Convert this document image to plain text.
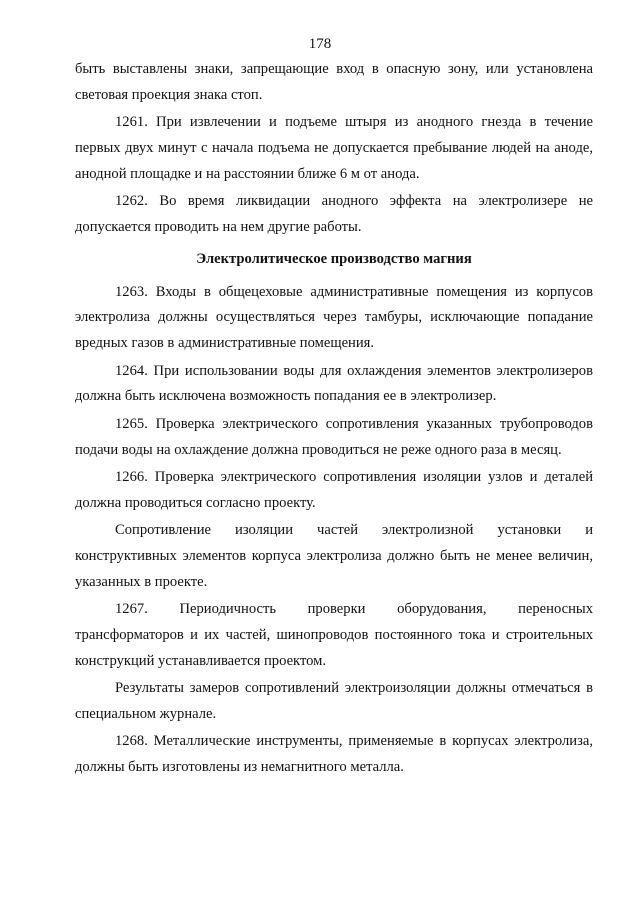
178

быть выставлены знаки, запрещающие вход в опасную зону, или установлена световая проекция знака стоп.

1261. При извлечении и подъеме штыря из анодного гнезда в течение первых двух минут с начала подъема не допускается пребывание людей на аноде, анодной площадке и на расстоянии ближе 6 м от анода.

1262. Во время ликвидации анодного эффекта на электролизере не допускается проводить на нем другие работы.

Электролитическое производство магния

1263. Входы в общецеховые административные помещения из корпусов электролиза должны осуществляться через тамбуры, исключающие попадание вредных газов в административные помещения.

1264. При использовании воды для охлаждения элементов электролизеров должна быть исключена возможность попадания ее в электролизер.

1265. Проверка электрического сопротивления указанных трубопроводов подачи воды на охлаждение должна проводиться не реже одного раза в месяц.

1266. Проверка электрического сопротивления изоляции узлов и деталей должна проводиться согласно проекту.

Сопротивление изоляции частей электролизной установки и конструктивных элементов корпуса электролиза должно быть не менее величин, указанных в проекте.

1267. Периодичность проверки оборудования, переносных трансформаторов и их частей, шинопроводов постоянного тока и строительных конструкций устанавливается проектом.

Результаты замеров сопротивлений электроизоляции должны отмечаться в специальном журнале.

1268. Металлические инструменты, применяемые в корпусах электролиза, должны быть изготовлены из немагнитного металла.
